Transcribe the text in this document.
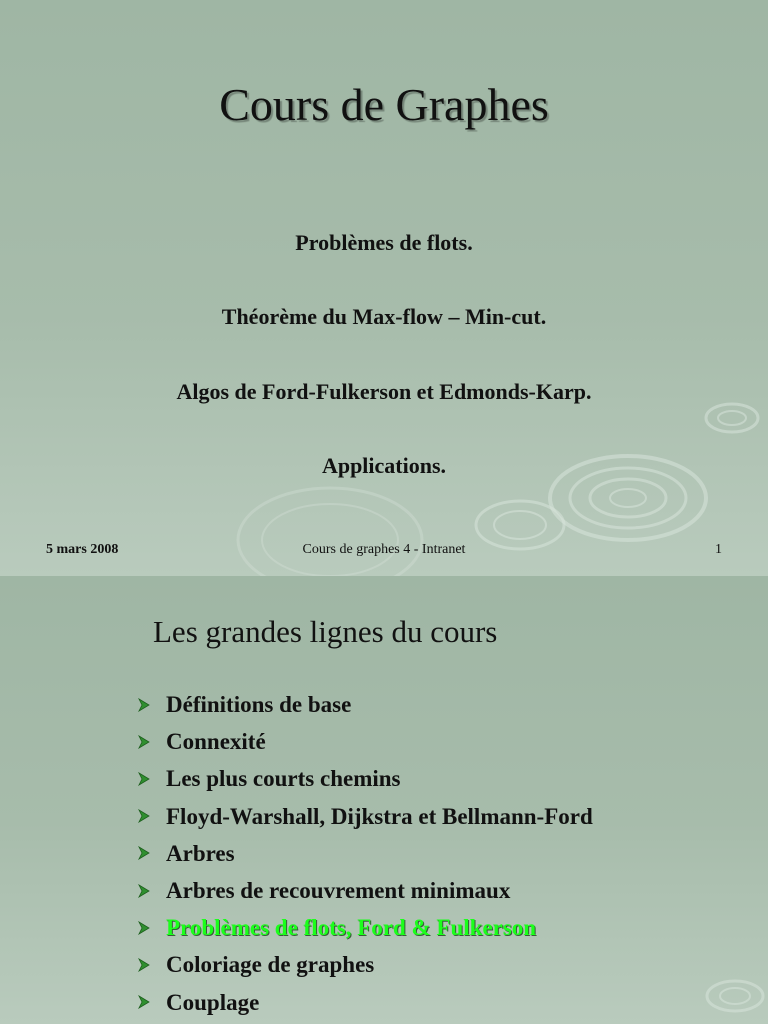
Cours de Graphes
Problèmes de flots.
Théorème du Max-flow – Min-cut.
Algos de Ford-Fulkerson et Edmonds-Karp.
Applications.
5 mars 2008	Cours de graphes 4 - Intranet	1
Les grandes lignes du cours
Définitions de base
Connexité
Les plus courts chemins
Floyd-Warshall, Dijkstra et Bellmann-Ford
Arbres
Arbres de recouvrement minimaux
Problèmes de flots, Ford & Fulkerson
Coloriage de graphes
Couplage
